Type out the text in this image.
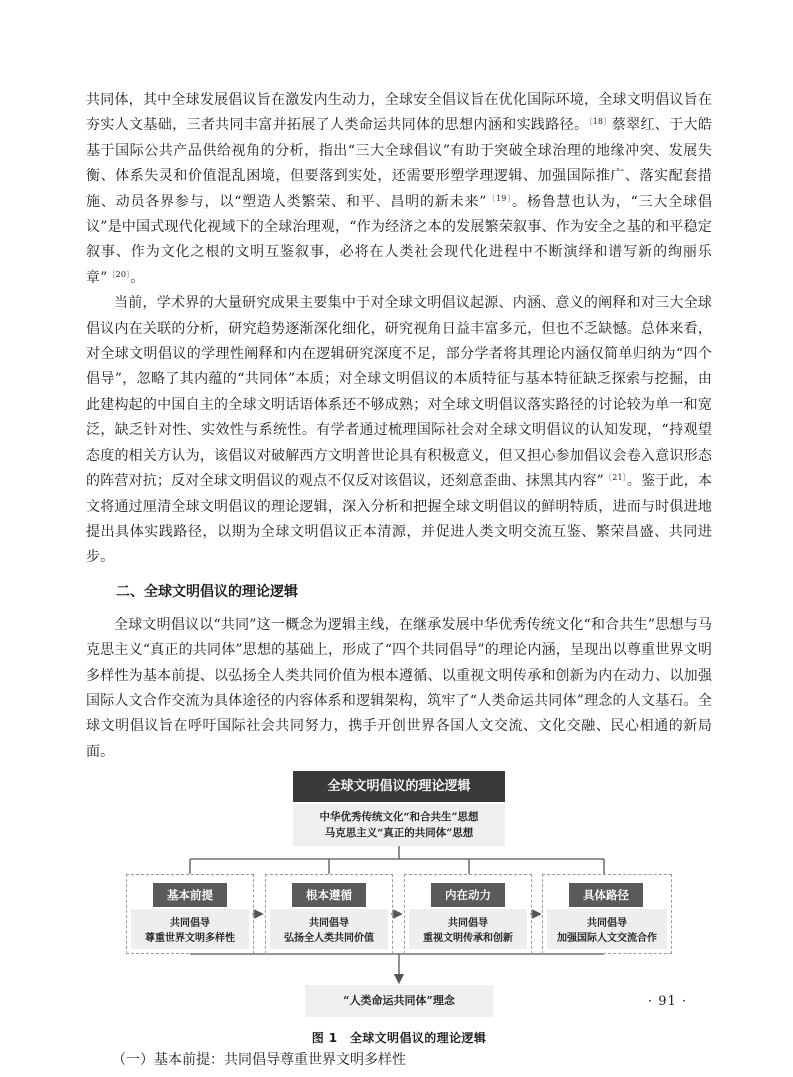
共同体，其中全球发展倡议旨在激发内生动力，全球安全倡议旨在优化国际环境，全球文明倡议旨在夯实人文基础，三者共同丰富并拓展了人类命运共同体的思想内涵和实践路径。$^{〔18〕}$蔡翠红、于大皓基于国际公共产品供给视角的分析，指出“三大全球倡议”有助于突破全球治理的地缘冲突、发展失衡、体系失灵和价值混乱困境，但要落到实处，还需要形塑学理逻辑、加强国际推广、落实配套措施、动员各界参与，以“塑造人类繁荣、和平、昌明的新未来”$^{〔19〕}$。杨鲁慧也认为，“三大全球倡议”是中国式现代化视域下的全球治理观，“作为经济之本的发展繁荣叙事、作为安全之基的和平稳定叙事、作为文化之根的文明互鉴叙事，必将在人类社会现代化进程中不断演绎和谱写新的绚丽乐章”$^{〔20〕}$。

当前，学术界的大量研究成果主要集中于对全球文明倡议起源、内涵、意义的阐释和对三大全球倡议内在关联的分析，研究趋势逐渐深化细化，研究视角日益丰富多元，但也不乏缺憾。总体来看，对全球文明倡议的学理性阐释和内在逻辑研究深度不足，部分学者将其理论内涵仅简单归纳为“四个倡导”，忽略了其内蕴的“共同体”本质；对全球文明倡议的本质特征与基本特征缺乏探索与挖掘，由此建构起的中国自主的全球文明话语体系还不够成熟；对全球文明倡议落实路径的讨论较为单一和宽泛，缺乏针对性、实效性与系统性。有学者通过梳理国际社会对全球文明倡议的认知发现，“持观望态度的相关方认为，该倡议对破解西方文明普世论具有积极意义，但又担心参加倡议会卷入意识形态的阵营对抗；反对全球文明倡议的观点不仅反对该倡议，还刻意歪曲、抹黑其内容”$^{〔21〕}$。鉴于此，本文将通过厘清全球文明倡议的理论逻辑，深入分析和把握全球文明倡议的鲜明特质，进而与时俱进地提出具体实践路径，以期为全球文明倡议正本清源，并促进人类文明交流互鉴、繁荣昌盛、共同进步。

二、全球文明倡议的理论逻辑

全球文明倡议以“共同”这一概念为逻辑主线，在继承发展中华优秀传统文化“和合共生”思想与马克思主义“真正的共同体”思想的基础上，形成了“四个共同倡导”的理论内涵，呈现出以尊重世界文明多样性为基本前提、以弘扬全人类共同价值为根本遵循、以重视文明传承和创新为内在动力、以加强国际人文合作交流为具体途径的内容体系和逻辑架构，筑牢了“人类命运共同体”理念的人文基石。全球文明倡议旨在呼吁国际社会共同努力，携手开创世界各国人文交流、文化交融、民心相通的新局面。

全球文明倡议的理论逻辑
中华优秀传统文化“和合共生”思想
马克思主义“真正的共同体”思想
基本前提
共同倡导
尊重世界文明多样性
根本遵循
共同倡导
弘扬全人类共同价值
内在动力
共同倡导
重视文明传承和创新
具体路径
共同倡导
加强国际人文交流合作
“人类命运共同体”理念
图 1　全球文明倡议的理论逻辑
（一）基本前提：共同倡导尊重世界文明多样性
· 91 ·
